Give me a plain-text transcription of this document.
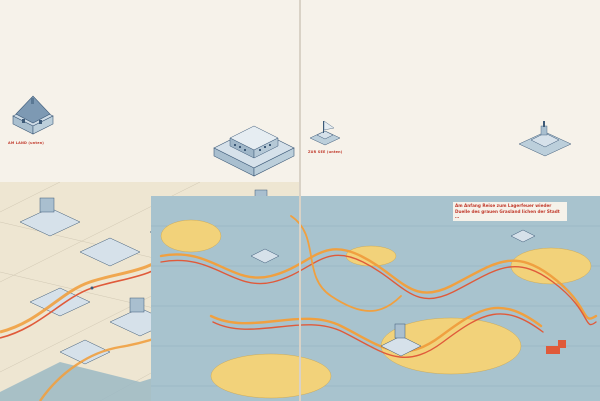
AM LAND (unten)
ZUR SEE (unten)
Am Anfang Reise zum Lagerfeuer wieder Duelle des grauen Grasland lichen der Stadt …
